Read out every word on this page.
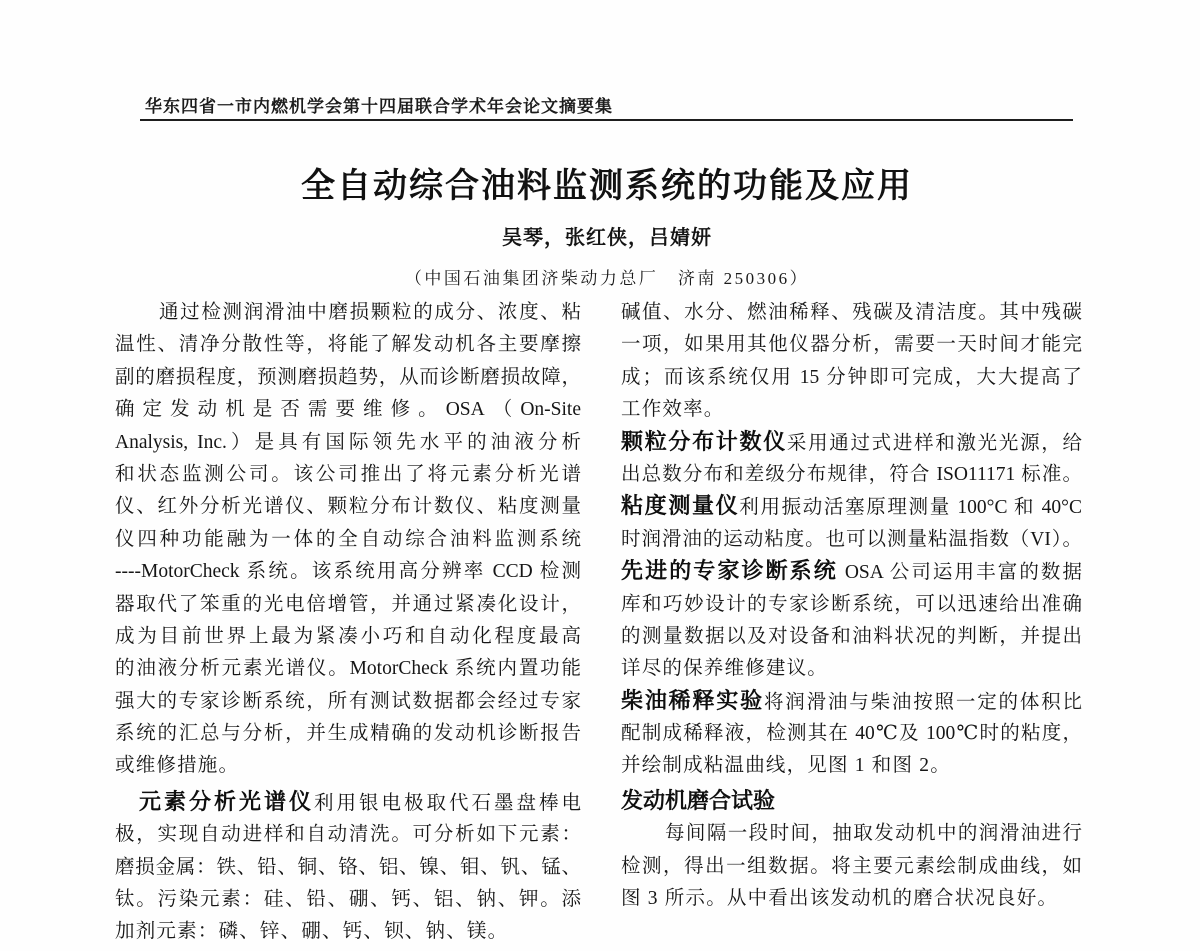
华东四省一市内燃机学会第十四届联合学术年会论文摘要集
全自动综合油料监测系统的功能及应用
吴琴，张红侠，吕婧妍
（中国石油集团济柴动力总厂　济南 250306）
通过检测润滑油中磨损颗粒的成分、浓度、粘
温性、清净分散性等，将能了解发动机各主要摩擦
副的磨损程度，预测磨损趋势，从而诊断磨损故障，
确定发动机是否需要维修。OSA（On-Site
Analysis, Inc.）是具有国际领先水平的油液分析
和状态监测公司。该公司推出了将元素分析光谱
仪、红外分析光谱仪、颗粒分布计数仪、粘度测量
仪四种功能融为一体的全自动综合油料监测系统
----MotorCheck 系统。该系统用高分辨率 CCD 检测
器取代了笨重的光电倍增管，并通过紧凑化设计，
成为目前世界上最为紧凑小巧和自动化程度最高
的油液分析元素光谱仪。MotorCheck 系统内置功能
强大的专家诊断系统，所有测试数据都会经过专家
系统的汇总与分析，并生成精确的发动机诊断报告
或维修措施。
元素分析光谱仪利用银电极取代石墨盘棒电
极，实现自动进样和自动清洗。可分析如下元素：
磨损金属：铁、铅、铜、铬、铝、镍、钼、钒、锰、
钛。污染元素：硅、铅、硼、钙、铝、钠、钾。添
加剂元素：磷、锌、硼、钙、钡、钠、镁。
碱值、水分、燃油稀释、残碳及清洁度。其中残碳
一项，如果用其他仪器分析，需要一天时间才能完
成；而该系统仅用 15 分钟即可完成，大大提高了
工作效率。
颗粒分布计数仪采用通过式进样和激光光源，给
出总数分布和差级分布规律，符合 ISO11171 标准。
粘度测量仪利用振动活塞原理测量 100°C 和 40°C
时润滑油的运动粘度。也可以测量粘温指数（VI）。
先进的专家诊断系统 OSA 公司运用丰富的数据
库和巧妙设计的专家诊断系统，可以迅速给出准确
的测量数据以及对设备和油料状况的判断，并提出
详尽的保养维修建议。
柴油稀释实验将润滑油与柴油按照一定的体积比
配制成稀释液，检测其在 40℃及 100℃时的粘度，
并绘制成粘温曲线，见图 1 和图 2。
发动机磨合试验
每间隔一段时间，抽取发动机中的润滑油进行
检测，得出一组数据。将主要元素绘制成曲线，如
图 3 所示。从中看出该发动机的磨合状况良好。
